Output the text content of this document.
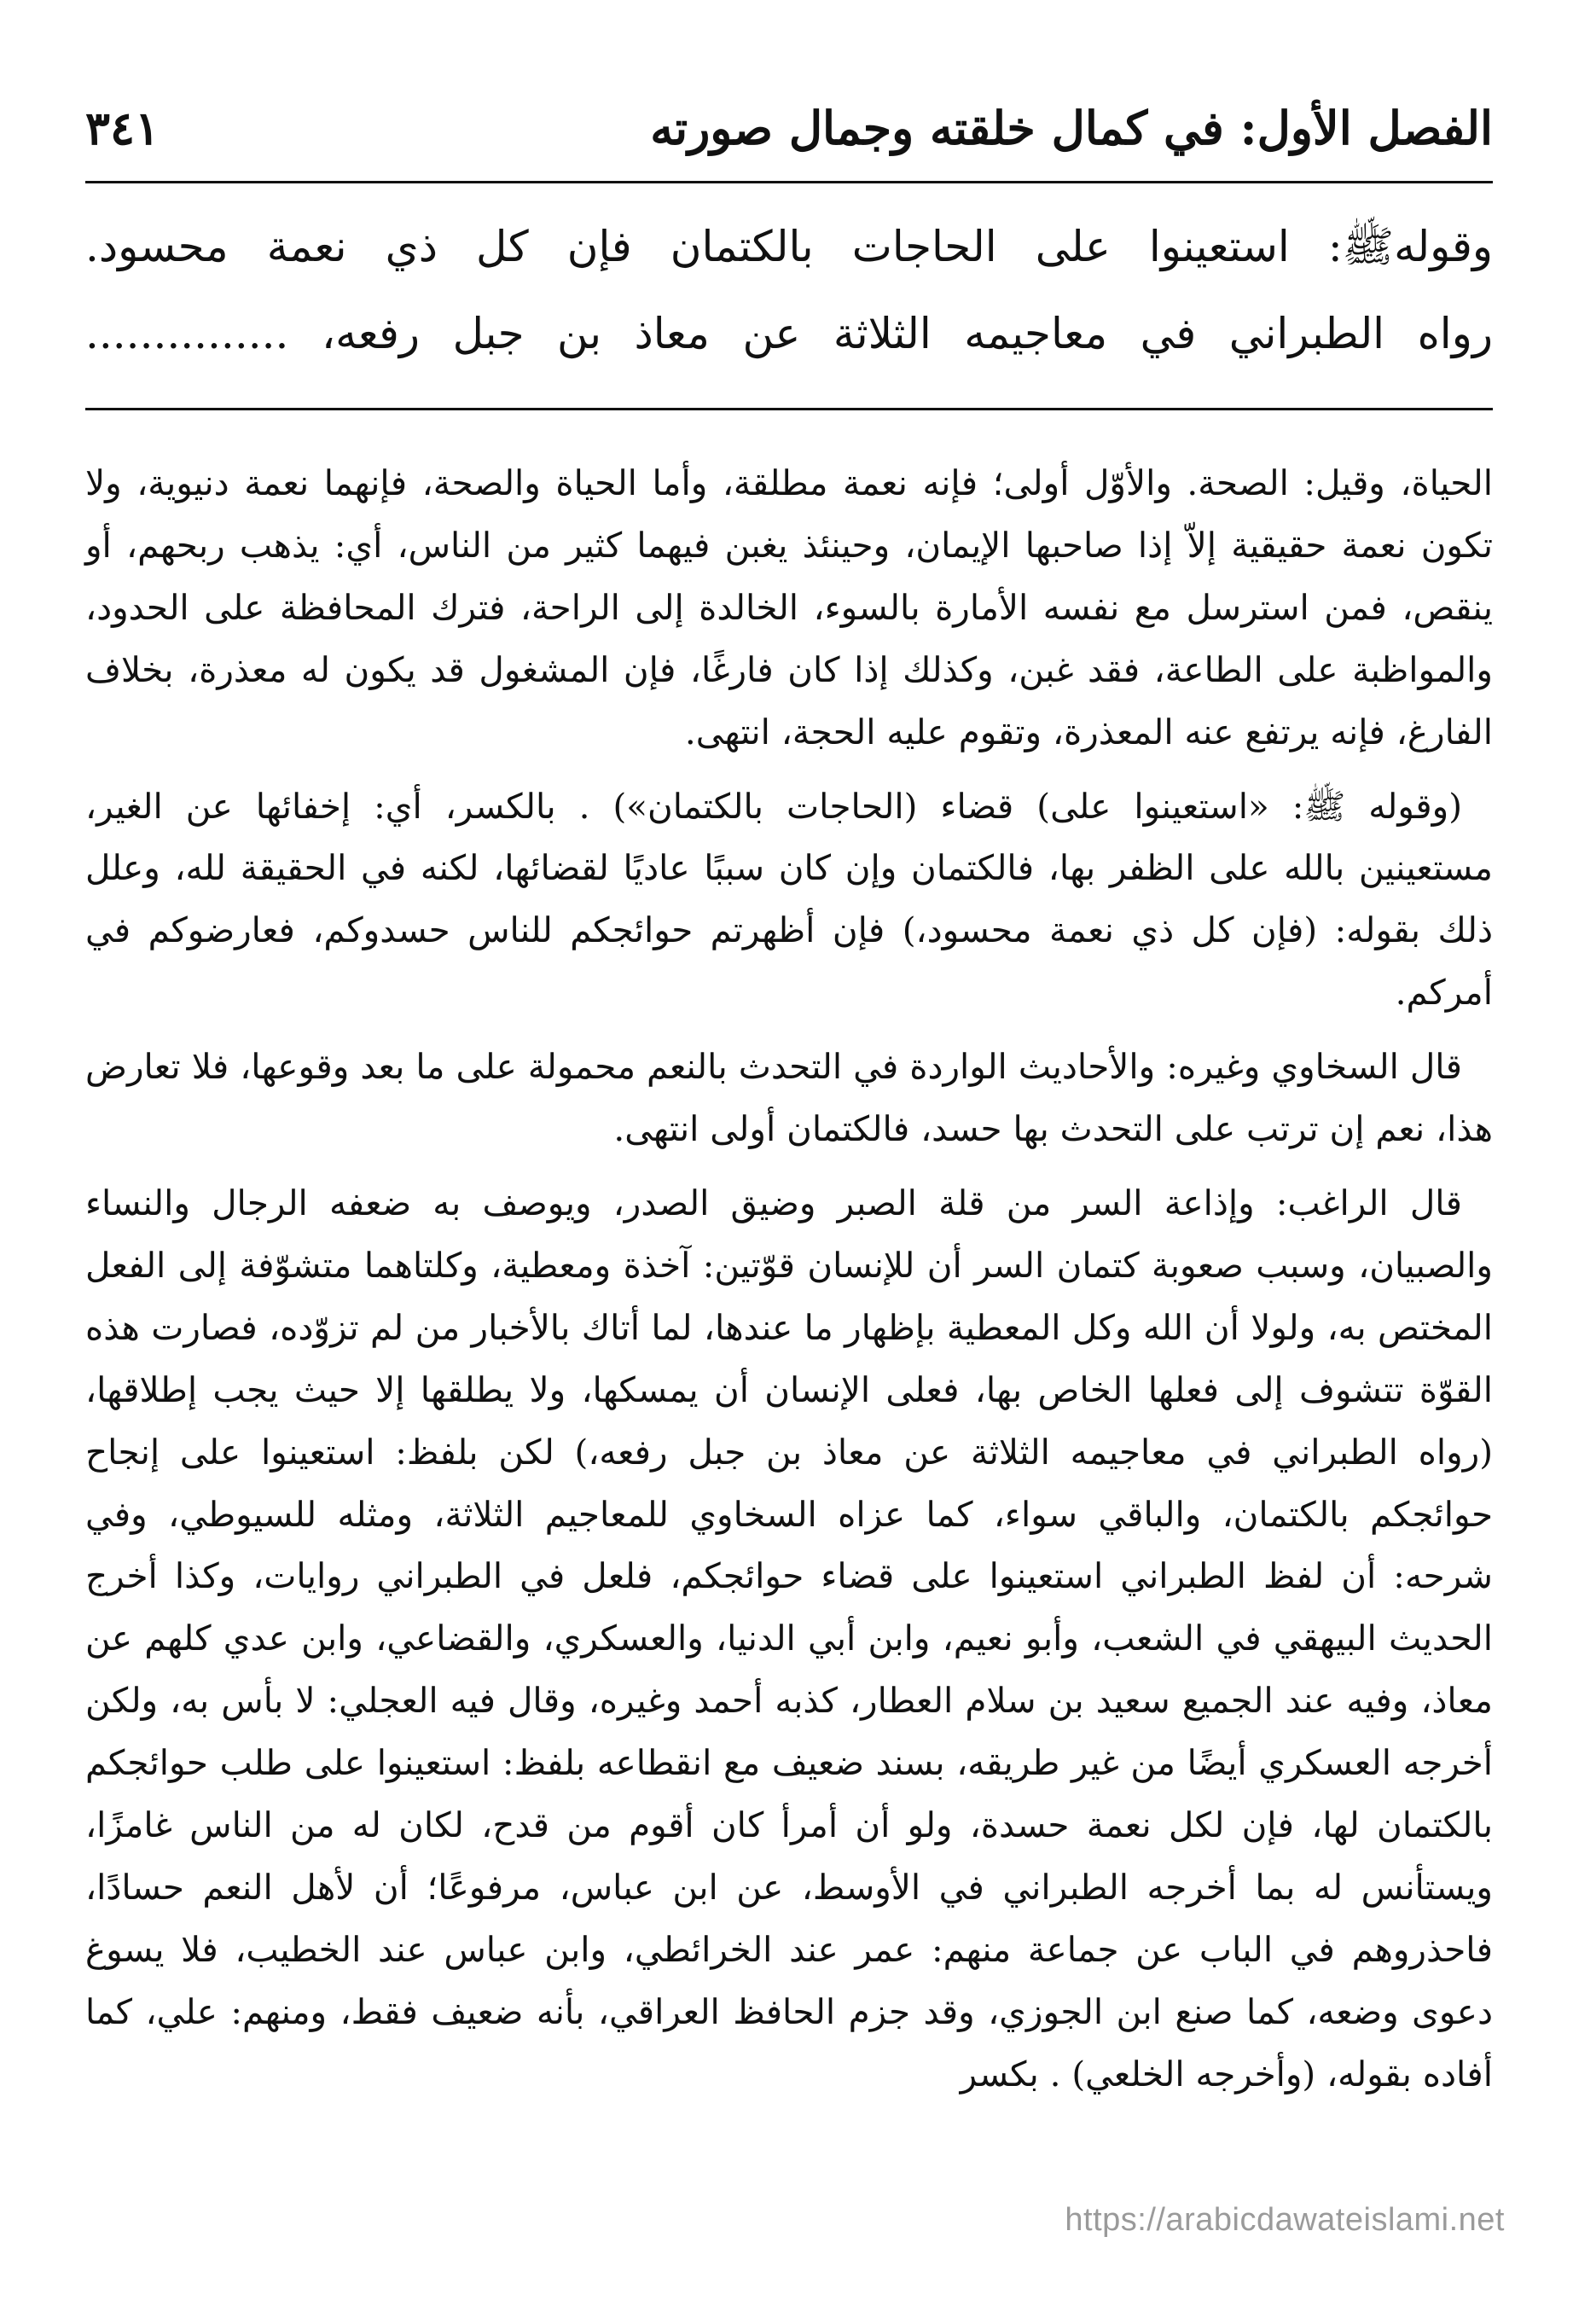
الفصل الأول: في كمال خلقته وجمال صورته
٣٤١

وقولهﷺ: استعينوا على الحاجات بالكتمان فإن كل ذي نعمة محسود.

رواه الطبراني في معاجيمه الثلاثة عن معاذ بن جبل رفعه، ...............

الحياة، وقيل: الصحة. والأوّل أولى؛ فإنه نعمة مطلقة، وأما الحياة والصحة، فإنهما نعمة دنيوية، ولا تكون نعمة حقيقية إلاّ إذا صاحبها الإيمان، وحينئذ يغبن فيهما كثير من الناس، أي: يذهب ربحهم، أو ينقص، فمن استرسل مع نفسه الأمارة بالسوء، الخالدة إلى الراحة، فترك المحافظة على الحدود، والمواظبة على الطاعة، فقد غبن، وكذلك إذا كان فارغًا، فإن المشغول قد يكون له معذرة، بخلاف الفارغ، فإنه يرتفع عنه المعذرة، وتقوم عليه الحجة، انتهى.

(وقوله ﷺ: «استعينوا على) قضاء (الحاجات بالكتمان») . بالكسر، أي: إخفائها عن الغير، مستعينين بالله على الظفر بها، فالكتمان وإن كان سببًا عاديًا لقضائها، لكنه في الحقيقة لله، وعلل ذلك بقوله: (فإن كل ذي نعمة محسود،) فإن أظهرتم حوائجكم للناس حسدوكم، فعارضوكم في أمركم.

قال السخاوي وغيره: والأحاديث الواردة في التحدث بالنعم محمولة على ما بعد وقوعها، فلا تعارض هذا، نعم إن ترتب على التحدث بها حسد، فالكتمان أولى انتهى.

قال الراغب: وإذاعة السر من قلة الصبر وضيق الصدر، ويوصف به ضعفه الرجال والنساء والصبيان، وسبب صعوبة كتمان السر أن للإنسان قوّتين: آخذة ومعطية، وكلتاهما متشوّفة إلى الفعل المختص به، ولولا أن الله وكل المعطية بإظهار ما عندها، لما أتاك بالأخبار من لم تزوّده، فصارت هذه القوّة تتشوف إلى فعلها الخاص بها، فعلى الإنسان أن يمسكها، ولا يطلقها إلا حيث يجب إطلاقها، (رواه الطبراني في معاجيمه الثلاثة عن معاذ بن جبل رفعه،) لكن بلفظ: استعينوا على إنجاح حوائجكم بالكتمان، والباقي سواء، كما عزاه السخاوي للمعاجيم الثلاثة، ومثله للسيوطي، وفي شرحه: أن لفظ الطبراني استعينوا على قضاء حوائجكم، فلعل في الطبراني روايات، وكذا أخرج الحديث البيهقي في الشعب، وأبو نعيم، وابن أبي الدنيا، والعسكري، والقضاعي، وابن عدي كلهم عن معاذ، وفيه عند الجميع سعيد بن سلام العطار، كذبه أحمد وغيره، وقال فيه العجلي: لا بأس به، ولكن أخرجه العسكري أيضًا من غير طريقه، بسند ضعيف مع انقطاعه بلفظ: استعينوا على طلب حوائجكم بالكتمان لها، فإن لكل نعمة حسدة، ولو أن أمرأ كان أقوم من قدح، لكان له من الناس غامزًا، ويستأنس له بما أخرجه الطبراني في الأوسط، عن ابن عباس، مرفوعًا؛ أن لأهل النعم حسادًا، فاحذروهم في الباب عن جماعة منهم: عمر عند الخرائطي، وابن عباس عند الخطيب، فلا يسوغ دعوى وضعه، كما صنع ابن الجوزي، وقد جزم الحافظ العراقي، بأنه ضعيف فقط، ومنهم: علي، كما أفاده بقوله، (وأخرجه الخلعي) . بكسر

https://arabicdawateislami.net
